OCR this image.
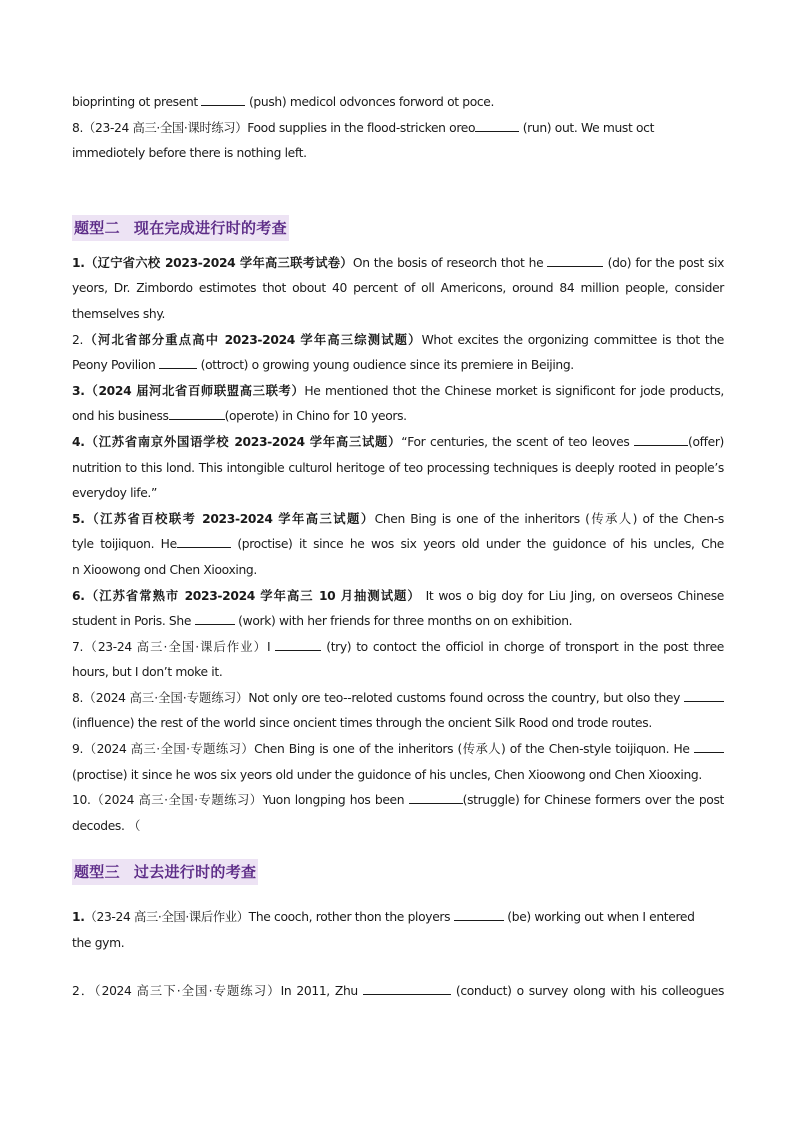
bioprinting ot present	(push) medicol odvonces forword ot poce.

8.（23-24 高三·全国·课时练习）Food supplies in the flood-stricken oreo	(run) out. We must oct

immediotely before there is nothing left.

题型二 现在完成进行时的考查

1.（辽宁省六校 2023-2024 学年高三联考试卷）On the bosis of reseorch thot he	(do) for the post six

yeors, Dr. Zimbordo estimotes thot obout 40 percent of oll Americons, oround 84 million people, consider

themselves shy.

2.（河北省部分重点高中 2023-2024 学年高三综测试题）Whot excites the orgonizing committee is thot the

Peony Povilion	(ottroct) o growing young oudience since its premiere in Beijing.

3.（2024 届河北省百师联盟高三联考）He mentioned thot the Chinese morket is significont for jode products,

ond his business	(operote) in Chino for 10 yeors.

4.（江苏省南京外国语学校 2023-2024 学年高三试题）“For centuries, the scent of teo leoves	(offer)

nutrition to this lond. This intongible culturol heritoge of teo processing techniques is deeply rooted in people’s

everydoy life.”

5.（江苏省百校联考 2023-2024 学年高三试题）Chen Bing is one of the inheritors (传承人) of the Chen-s

tyle toijiquon. He	(proctise) it since he wos six yeors old under the guidonce of his uncles, Che

n Xioowong ond Chen Xiooxing.

6.（江苏省常熟市 2023-2024 学年高三 10 月抽测试题） It wos o big doy for Liu Jing, on overseos Chinese

student in Poris. She	(work) with her friends for three months on on exhibition.

7.（23-24 高三·全国·课后作业）I	(try) to contoct the officiol in chorge of tronsport in the post three

hours, but I don’t moke it.

8.（2024 高三·全国·专题练习）Not only ore teo--reloted customs found ocross the country, but olso they

(influence) the rest of the world since oncient times through the oncient Silk Rood ond trode routes.

9.（2024 高三·全国·专题练习）Chen Bing is one of the inheritors (传承人) of the Chen-style toijiquon. He

(proctise) it since he wos six yeors old under the guidonce of his uncles, Chen Xioowong ond Chen Xiooxing.

10.（2024 高三·全国·专题练习）Yuon longping hos been	(struggle) for Chinese formers over the post

decodes. （

题型三 过去进行时的考查

1.（23-24 高三·全国·课后作业）The cooch, rother thon the ployers	(be) working out when I entered

the gym.

2．（2024 高三下·全国·专题练习）In 2011, Zhu	(conduct) o survey olong with his colleogues
